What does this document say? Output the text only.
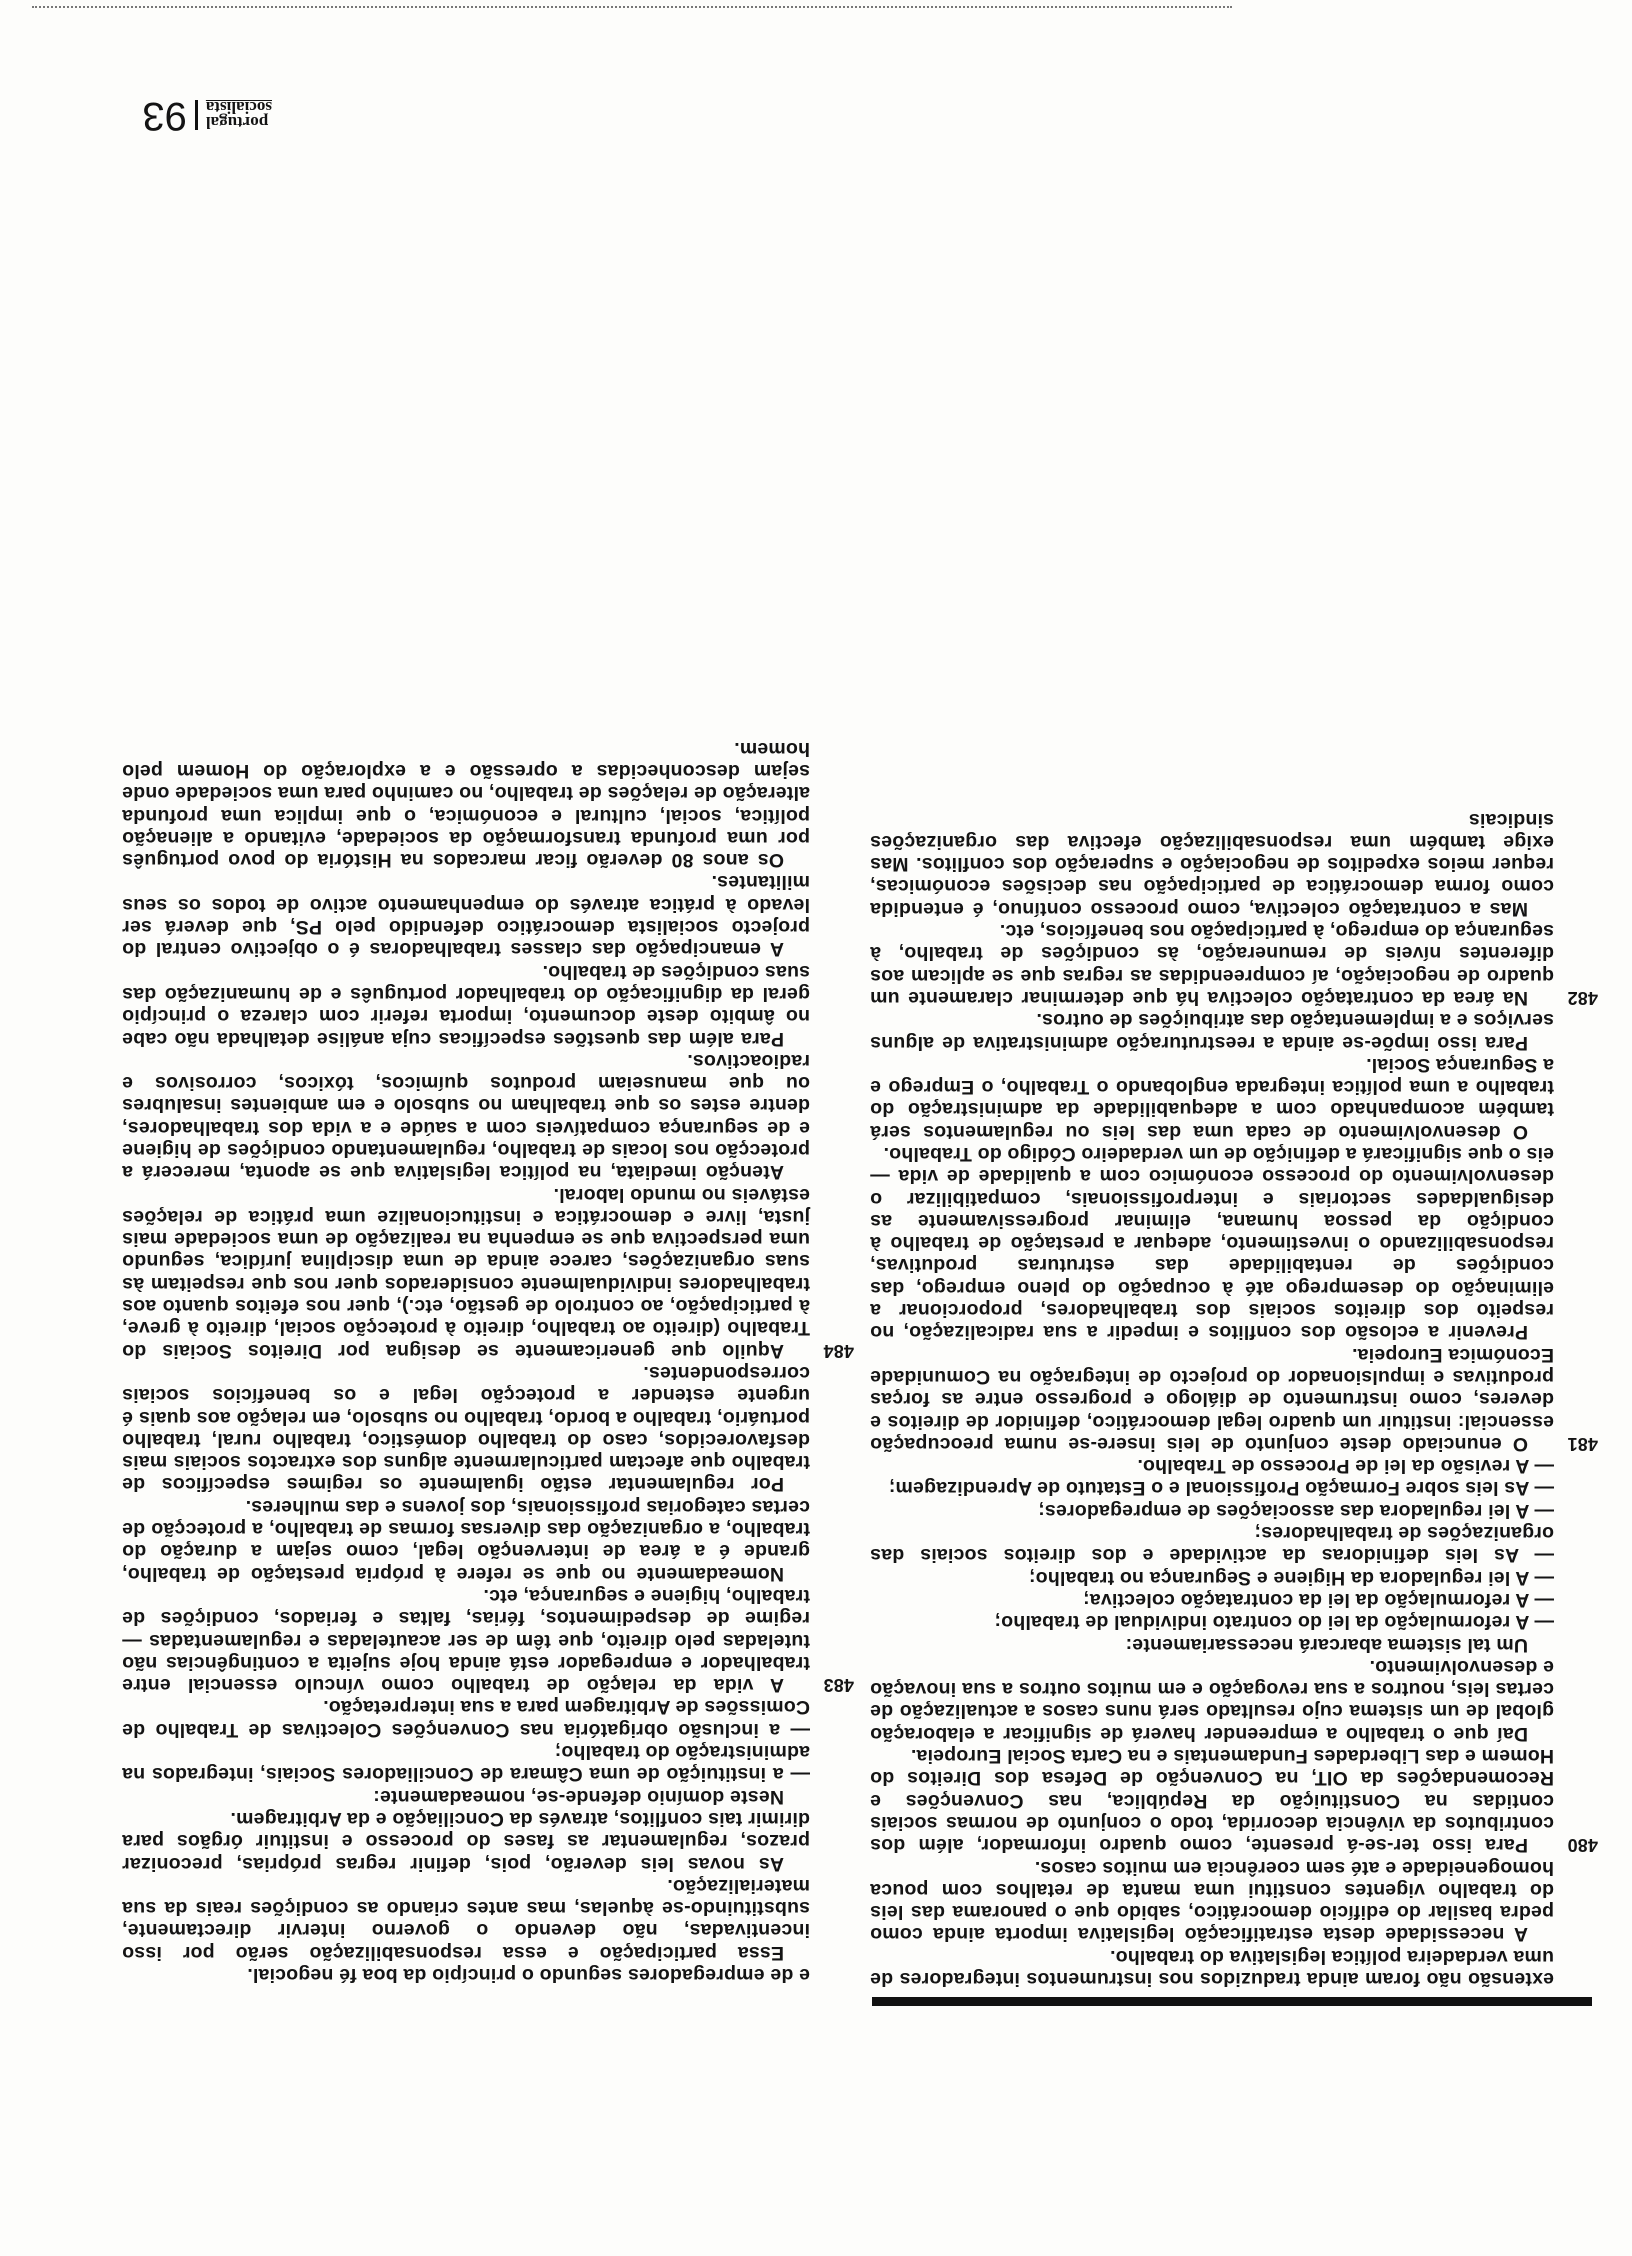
extensão não foram ainda traduzidos nos instrumentos integradores de uma verdadeira política legislativa do trabalho.

A necessidade desta estratificação legislativa importa ainda como pedra basilar do edifício democrático, sabido que o panorama das leis do trabalho vigentes constitui uma manta de retalhos com pouca homogeneidade e até sem coerência em muitos casos.

480
Para isso ter-se-á presente, como quadro informador, além dos contributos da vivência decorrida, todo o conjunto de normas sociais contidas na Constituição da República, nas Convenções e Recomendações da OIT, na Convenção de Defesa dos Direitos do Homem e das Liberdades Fundamentais e na Carta Social Europeia.

Daí que o trabalho a empreender haverá de significar a elaboração global de um sistema cujo resultado será nuns casos a actualização de certas leis, noutros a sua revogação e em muitos outros a sua inovação e desenvolvimento.

Um tal sistema abarcará necessariamente:

— A reformulação da lei do contrato individual de trabalho;

— A reformulação da lei da contratação colectiva;

— A lei reguladora da Higiene e Segurança no trabalho;

— As leis definidoras da actividade e dos direitos sociais das organizações de trabalhadores;

— A lei reguladora das associações de empregadores;

— As leis sobre Formação Profissional e o Estatuto de Aprendizagem;

— A revisão da lei de Processo de Trabalho.

481
O enunciado deste conjunto de leis insere-se numa preocupação essencial: instituir um quadro legal democrático, definidor de direitos e deveres, como instrumento de diálogo e progresso entre as forças produtivas e impulsionador do projecto de integração na Comunidade Económica Europeia.

Prevenir a eclosão dos conflitos e impedir a sua radicalização, no respeito dos direitos sociais dos trabalhadores, proporcionar a eliminação do desemprego até à ocupação do pleno emprego, das condições de rentabilidade das estruturas produtivas, responsabilizando o investimento, adequar a prestação de trabalho à condição da pessoa humana, eliminar progressivamente as desigualdades sectoriais e interprofissionais, compatibilizar o desenvolvimento do processo económico com a qualidade de vida — eis o que significará a definição de um verdadeiro Código do Trabalho.

O desenvolvimento de cada uma das leis ou regulamentos será também acompanhado com a adequabilidade da administração do trabalho a uma política integrada englobando o Trabalho, o Emprego e a Segurança Social.

Para isso impõe-se ainda a reestruturação administrativa de alguns serviços e a implementação das atribuições de outros.

482
Na área da contratação colectiva há que determinar claramente um quadro de negociação, aí compreendidas as regras que se aplicam aos diferentes níveis de remuneração, às condições de trabalho, à segurança do emprego, à participação nos benefícios, etc.

Mas a contratação colectiva, como processo contínuo, é entendida como forma democrática de participação nas decisões económicas, requer meios expeditos de negociação e superação dos conflitos. Mas exige também uma responsabilização efectiva das organizações sindicais

e de empregadores segundo o princípio da boa fé negocial.

Essa participação e essa responsabilização serão por isso incentivadas, não devendo o governo intervir directamente, substituindo-se àquelas, mas antes criando as condições reais da sua materialização.

As novas leis deverão, pois, definir regras próprias, preconizar prazos, regulamentar as fases do processo e instituir órgãos para dirimir tais conflitos, através da Conciliação e da Arbitragem.

Neste domínio defende-se, nomeadamente:

— a instituição de uma Câmara de Conciliadores Sociais, integrados na administração do trabalho;

— a inclusão obrigatória nas Convenções Colectivas de Trabalho de Comissões de Arbitragem para a sua interpretação.

483
A vida da relação de trabalho como vínculo essencial entre trabalhador e empregador está ainda hoje sujeita a contingências não tuteladas pelo direito, que têm de ser acauteladas e regulamentadas — regime de despedimentos, férias, faltas e feriados, condições de trabalho, higiene e segurança, etc.

Nomeadamente no que se refere à própria prestação de trabalho, grande é a área de intervenção legal, como sejam a duração do trabalho, a organização das diversas formas de trabalho, a protecção de certas categorias profissionais, dos jovens e das mulheres.

Por regulamentar estão igualmente os regimes específicos de trabalho que afectam particularmente alguns dos extractos sociais mais desfavorecidos, caso do trabalho doméstico, trabalho rural, trabalho portuário, trabalho a bordo, trabalho no subsolo, em relação aos quais é urgente estender a protecção legal e os benefícios sociais correspondentes.

484
Aquilo que genericamente se designa por Direitos Sociais do Trabalho (direito ao trabalho, direito à protecção social, direito à greve, à participação, ao controlo de gestão, etc.), quer nos efeitos quanto aos trabalhadores individualmente considerados quer nos que respeitam às suas organizações, carece ainda de uma disciplina jurídica, segundo uma perspectiva que se empenha na realização de uma sociedade mais justa, livre e democrática e institucionalize uma prática de relações estáveis no mundo laboral.

Atenção imediata, na política legislativa que se aponta, merecerá a protecção nos locais de trabalho, regulamentando condições de higiene e de segurança compatíveis com a saúde e a vida dos trabalhadores, dentre estes os que trabalham no subsolo e em ambientes insalubres ou que manuseiam produtos químicos, tóxicos, corrosivos e radioactivos.

Para além das questões específicas cuja análise detalhada não cabe no âmbito deste documento, importa referir com clareza o princípio geral da dignificação do trabalhador português e de humanização das suas condições de trabalho.

A emancipação das classes trabalhadoras é o objectivo central do projecto socialista democrático defendido pelo PS, que deverá ser levado à prática através do empenhamento activo de todos os seus militantes.

Os anos 80 deverão ficar marcados na História do povo português por uma profunda transformação da sociedade, evitando a alienação política, social, cultural e económica, o que implica uma profunda alteração de relações de trabalho, no caminho para uma sociedade onde sejam desconhecidas a opressão e a exploração do Homem pelo homem.

portugal
socialista
93
